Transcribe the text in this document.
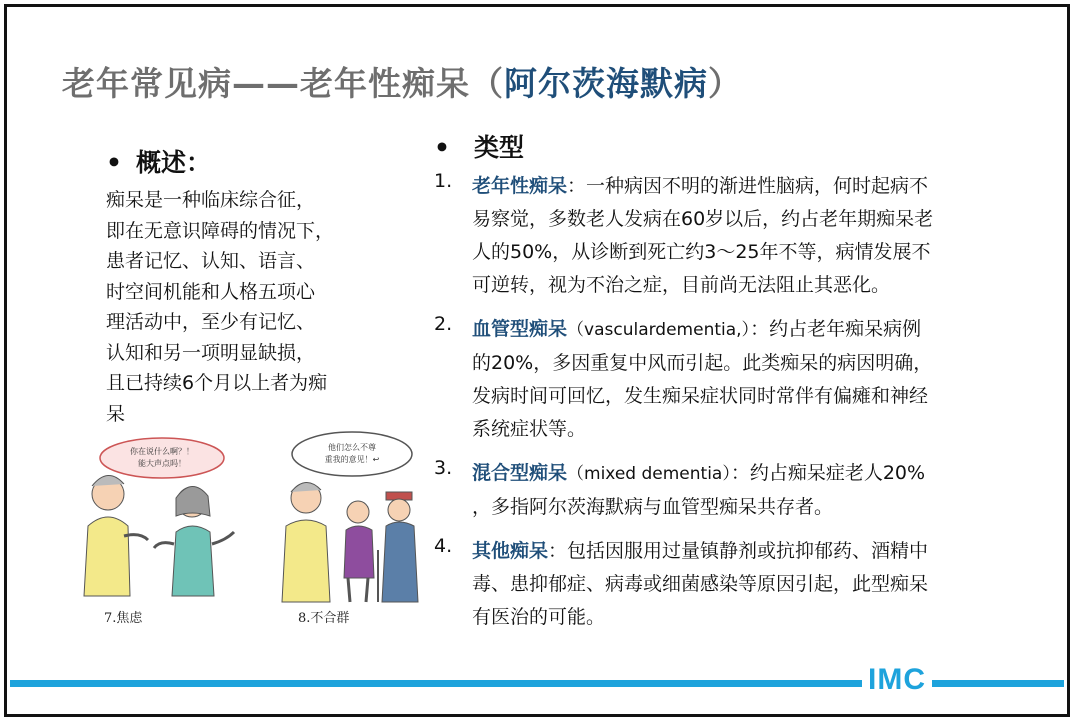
老年常见病——老年性痴呆（阿尔茨海默病）
• 概述：
痴呆是一种临床综合征，
即在无意识障碍的情况下，
患者记忆、认知、语言、
时空间机能和人格五项心
理活动中，至少有记忆、
认知和另一项明显缺损，
且已持续6个月以上者为痴
呆
你在说什么啊？！
能大声点吗！
7.焦虑
他们怎么不尊
重我的意见！↩
8.不合群
• 类型
1.	老年性痴呆：一种病因不明的渐进性脑病，何时起病不
易察觉，多数老人发病在60岁以后，约占老年期痴呆老
人的50%，从诊断到死亡约3～25年不等，病情发展不
可逆转，视为不治之症，目前尚无法阻止其恶化。
2.	血管型痴呆（vasculardementia,）：约占老年痴呆病例
的20%，多因重复中风而引起。此类痴呆的病因明确，
发病时间可回忆，发生痴呆症状同时常伴有偏瘫和神经
系统症状等。
3.	混合型痴呆（mixed dementia）：约占痴呆症老人20%
，多指阿尔茨海默病与血管型痴呆共存者。
4.	其他痴呆：包括因服用过量镇静剂或抗抑郁药、酒精中
毒、患抑郁症、病毒或细菌感染等原因引起，此型痴呆
有医治的可能。
IMC
